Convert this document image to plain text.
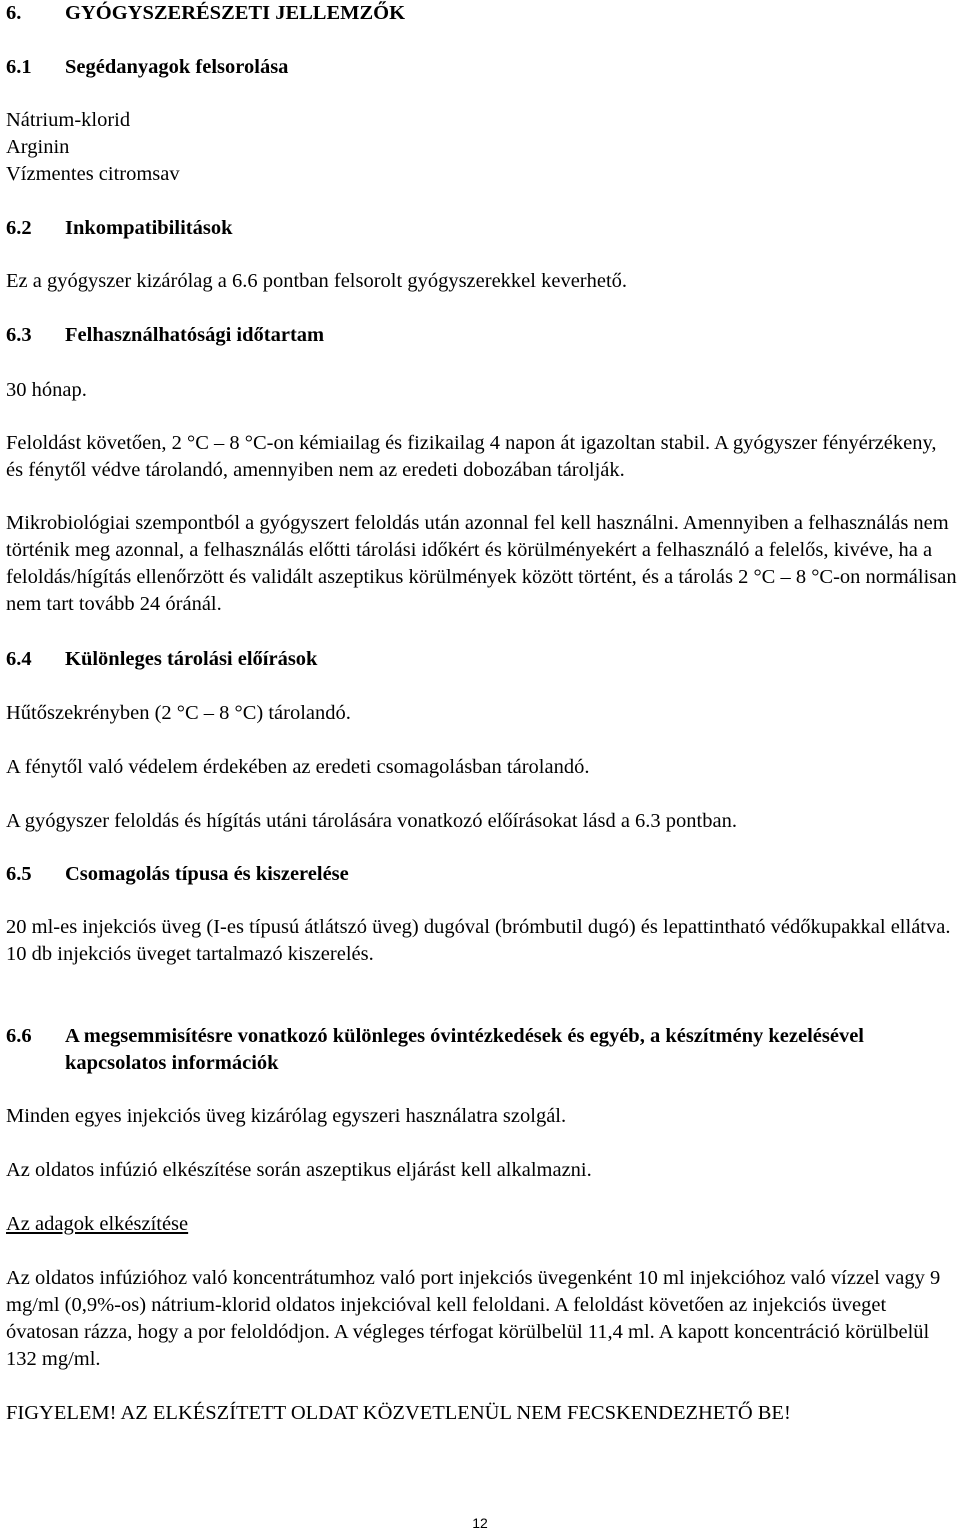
6.	GYÓGYSZERÉSZETI JELLEMZŐK
6.1	Segédanyagok felsorolása

Nátrium-klorid

Arginin

Vízmentes citromsav

6.2	Inkompatibilitások

Ez a gyógyszer kizárólag a 6.6 pontban felsorolt gyógyszerekkel keverhető.

6.3	Felhasználhatósági időtartam

30 hónap.

Feloldást követően, 2 °C – 8 °C-on kémiailag és fizikailag 4 napon át igazoltan stabil. A gyógyszer fényérzékeny, és fénytől védve tárolandó, amennyiben nem az eredeti dobozában tárolják.

Mikrobiológiai szempontból a gyógyszert feloldás után azonnal fel kell használni. Amennyiben a felhasználás nem történik meg azonnal, a felhasználás előtti tárolási időkért és körülményekért a felhasználó a felelős, kivéve, ha a feloldás/hígítás ellenőrzött és validált aszeptikus körülmények között történt, és a tárolás 2 °C – 8 °C-on normálisan nem tart tovább 24 óránál.

6.4	Különleges tárolási előírások

Hűtőszekrényben (2 °C – 8 °C) tárolandó.

A fénytől való védelem érdekében az eredeti csomagolásban tárolandó.

A gyógyszer feloldás és hígítás utáni tárolására vonatkozó előírásokat lásd a 6.3 pontban.

6.5	Csomagolás típusa és kiszerelése

20 ml-es injekciós üveg (I-es típusú átlátszó üveg) dugóval (brómbutil dugó) és lepattintható védőkupakkal ellátva.

10 db injekciós üveget tartalmazó kiszerelés.

6.6	A megsemmisítésre vonatkozó különleges óvintézkedések és egyéb, a készítmény kezelésével kapcsolatos információk

Minden egyes injekciós üveg kizárólag egyszeri használatra szolgál.

Az oldatos infúzió elkészítése során aszeptikus eljárást kell alkalmazni.

Az adagok elkészítése

Az oldatos infúzióhoz való koncentrátumhoz való port injekciós üvegenként 10 ml injekcióhoz való vízzel vagy 9 mg/ml (0,9%-os) nátrium-klorid oldatos injekcióval kell feloldani. A feloldást követően az injekciós üveget óvatosan rázza, hogy a por feloldódjon. A végleges térfogat körülbelül 11,4 ml. A kapott koncentráció körülbelül 132 mg/ml.

FIGYELEM! AZ ELKÉSZÍTETT OLDAT KÖZVETLENÜL NEM FECSKENDEZHETŐ BE!

12
